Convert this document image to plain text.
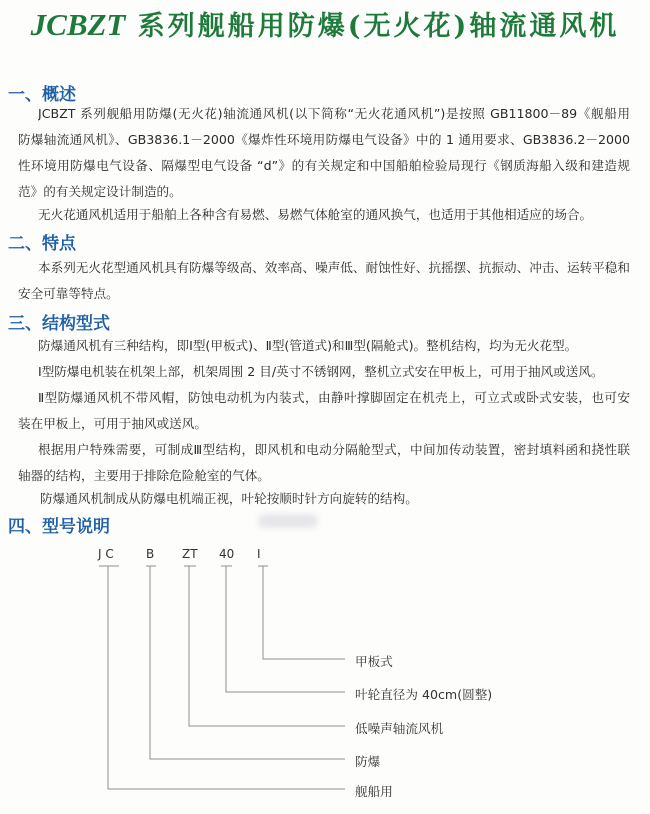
JCBZT 系列舰船用防爆(无火花)轴流通风机
一、概述
JCBZT 系列舰船用防爆(无火花)轴流通风机(以下简称“无火花通风机”)是按照 GB11800－89《舰船用
防爆轴流通风机》、GB3836.1－2000《爆炸性环境用防爆电气设备》中的 1 通用要求、GB3836.2－2000
性环境用防爆电气设备、隔爆型电气设备 “d”》的有关规定和中国船舶检验局现行《钢质海船入级和建造规
范》的有关规定设计制造的。
无火花通风机适用于船舶上各种含有易燃、易燃气体舱室的通风换气，也适用于其他相适应的场合。
二、特点
本系列无火花型通风机具有防爆等级高、效率高、噪声低、耐蚀性好、抗摇摆、抗振动、冲击、运转平稳和
安全可靠等特点。
三、结构型式
防爆通风机有三种结构，即Ⅰ型(甲板式)、Ⅱ型(管道式)和Ⅲ型(隔舱式)。整机结构，均为无火花型。
Ⅰ型防爆电机装在机架上部，机架周围 2 目/英寸不锈钢网，整机立式安在甲板上，可用于抽风或送风。
Ⅱ型防爆通风机不带风帽，防蚀电动机为内装式，由静叶撑脚固定在机壳上，可立式或卧式安装，也可安
装在甲板上，可用于抽风或送风。
根据用户特殊需要，可制成Ⅲ型结构，即风机和电动分隔舱型式，中间加传动装置，密封填料函和挠性联
轴器的结构，主要用于排除危险舱室的气体。
防爆通风机制成从防爆电机端正视，叶轮按顺时针方向旋转的结构。
四、型号说明
J C	B ZT 40 Ⅰ
甲板式
叶轮直径为 40cm(圆整)
低噪声轴流风机
防爆
舰船用
